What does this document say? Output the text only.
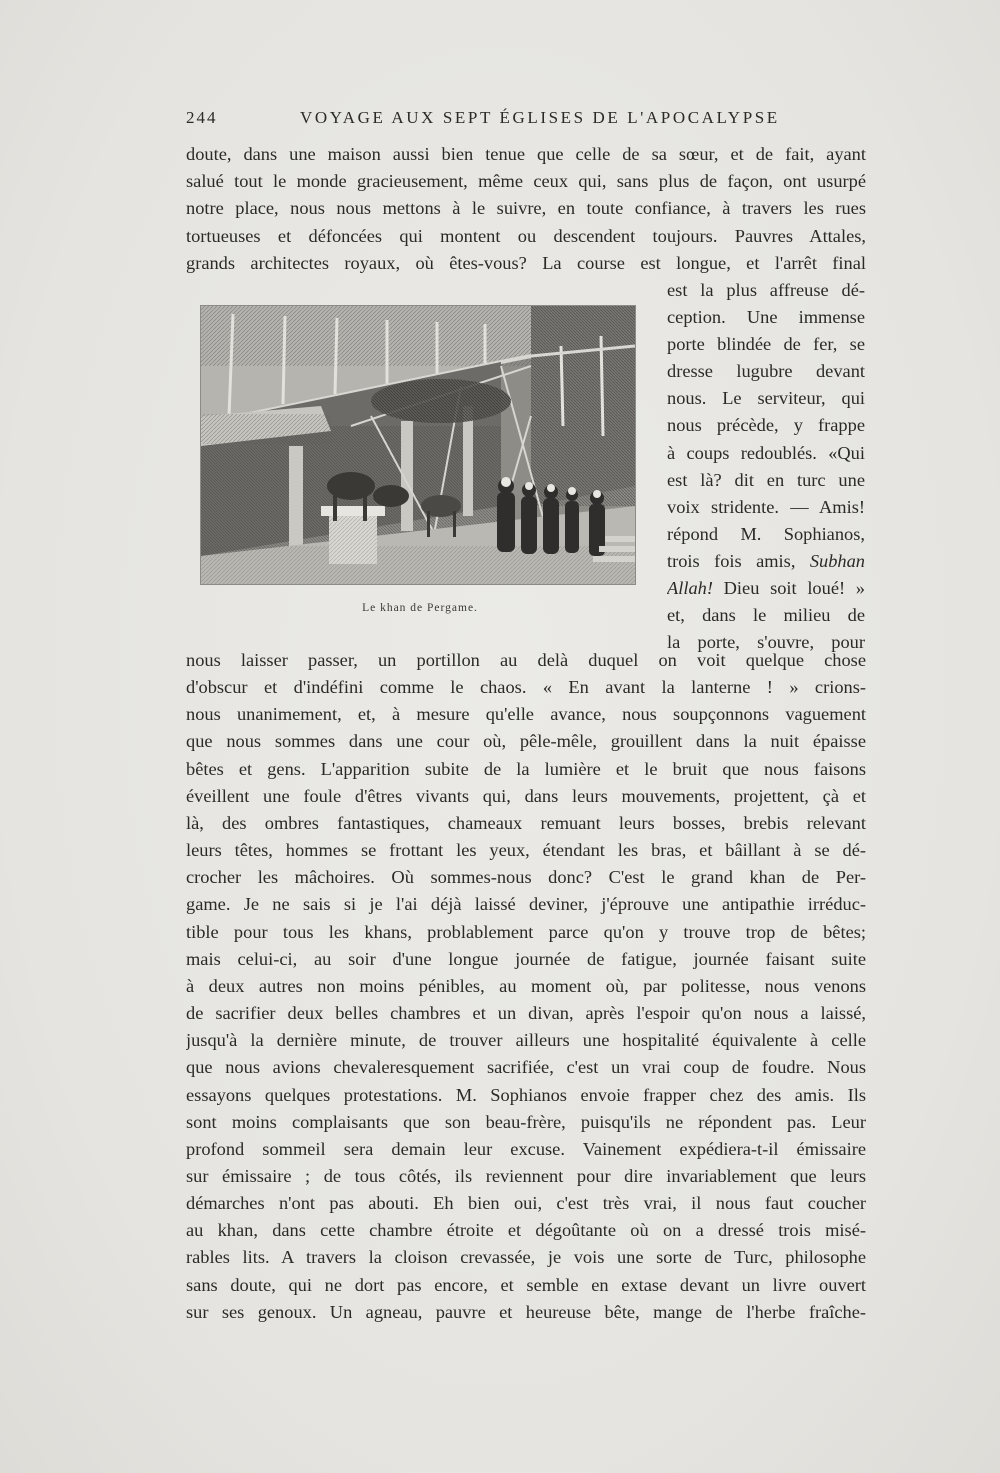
244	VOYAGE AUX SEPT ÉGLISES DE L'APOCALYPSE
doute, dans une maison aussi bien tenue que celle de sa sœur, et de fait, ayant
salué tout le monde gracieusement, même ceux qui, sans plus de façon, ont usurpé
notre place, nous nous mettons à le suivre, en toute confiance, à travers les rues
tortueuses et défoncées qui montent ou descendent toujours. Pauvres Attales,
grands architectes royaux, où êtes-vous? La course est longue, et l'arrêt final
Le khan de Pergame.
est la plus affreuse dé-
ception. Une immense
porte blindée de fer, se
dresse lugubre devant
nous. Le serviteur, qui
nous précède, y frappe
à coups redoublés. «Qui
est là? dit en turc une
voix stridente. — Amis!
répond M. Sophianos,
trois fois amis, Subhan
Allah! Dieu soit loué! »
et, dans le milieu de
la porte, s'ouvre, pour
nous laisser passer, un portillon au delà duquel on voit quelque chose
d'obscur et d'indéfini comme le chaos. « En avant la lanterne ! » crions-
nous unanimement, et, à mesure qu'elle avance, nous soupçonnons vaguement
que nous sommes dans une cour où, pêle-mêle, grouillent dans la nuit épaisse
bêtes et gens. L'apparition subite de la lumière et le bruit que nous faisons
éveillent une foule d'êtres vivants qui, dans leurs mouvements, projettent, çà et
là, des ombres fantastiques, chameaux remuant leurs bosses, brebis relevant
leurs têtes, hommes se frottant les yeux, étendant les bras, et bâillant à se dé-
crocher les mâchoires. Où sommes-nous donc? C'est le grand khan de Per-
game. Je ne sais si je l'ai déjà laissé deviner, j'éprouve une antipathie irréduc-
tible pour tous les khans, problablement parce qu'on y trouve trop de bêtes;
mais celui-ci, au soir d'une longue journée de fatigue, journée faisant suite
à deux autres non moins pénibles, au moment où, par politesse, nous venons
de sacrifier deux belles chambres et un divan, après l'espoir qu'on nous a laissé,
jusqu'à la dernière minute, de trouver ailleurs une hospitalité équivalente à celle
que nous avions chevaleresquement sacrifiée, c'est un vrai coup de foudre. Nous
essayons quelques protestations. M. Sophianos envoie frapper chez des amis. Ils
sont moins complaisants que son beau-frère, puisqu'ils ne répondent pas. Leur
profond sommeil sera demain leur excuse. Vainement expédiera-t-il émissaire
sur émissaire ; de tous côtés, ils reviennent pour dire invariablement que leurs
démarches n'ont pas abouti. Eh bien oui, c'est très vrai, il nous faut coucher
au khan, dans cette chambre étroite et dégoûtante où on a dressé trois misé-
rables lits. A travers la cloison crevassée, je vois une sorte de Turc, philosophe
sans doute, qui ne dort pas encore, et semble en extase devant un livre ouvert
sur ses genoux. Un agneau, pauvre et heureuse bête, mange de l'herbe fraîche-
